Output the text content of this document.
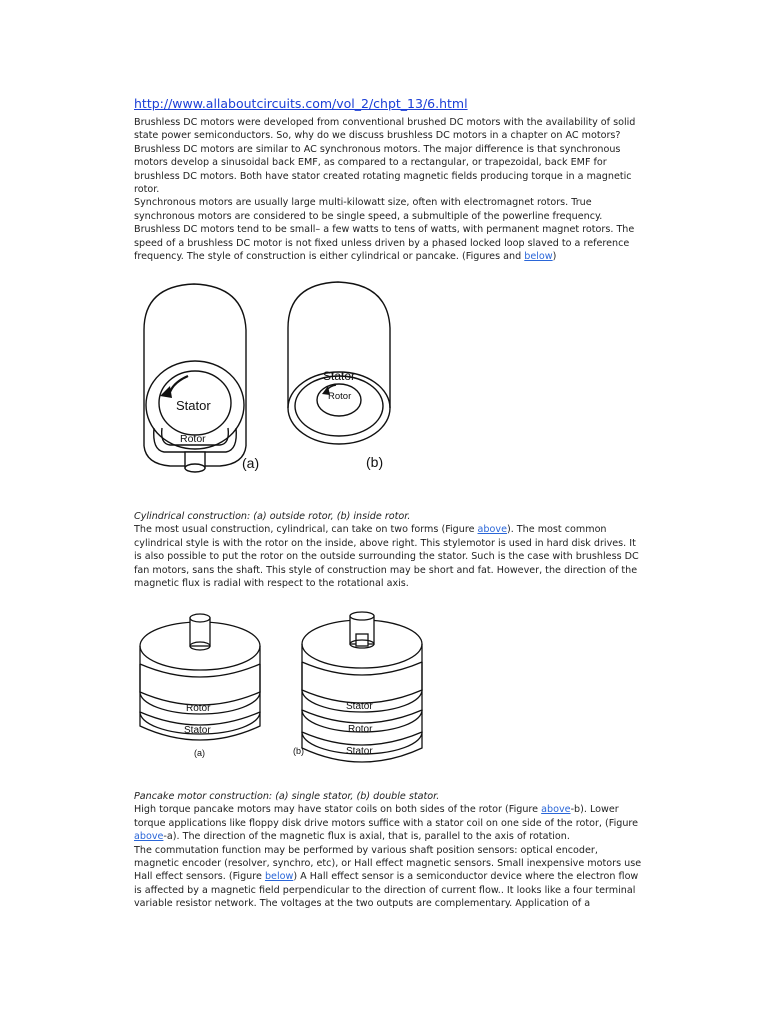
http://www.allaboutcircuits.com/vol_2/chpt_13/6.html

Brushless DC motors were developed from conventional brushed DC motors with the availability of solid state power semiconductors. So, why do we discuss brushless DC motors in a chapter on AC motors? Brushless DC motors are similar to AC synchronous motors. The major difference is that synchronous motors develop a sinusoidal back EMF, as compared to a rectangular, or trapezoidal, back EMF for brushless DC motors. Both have stator created rotating magnetic fields producing torque in a magnetic rotor.

Synchronous motors are usually large multi-kilowatt size, often with electromagnet rotors. True synchronous motors are considered to be single speed, a submultiple of the powerline frequency. Brushless DC motors tend to be small– a few watts to tens of watts, with permanent magnet rotors. The speed of a brushless DC motor is not fixed unless driven by a phased locked loop slaved to a reference frequency. The style of construction is either cylindrical or pancake. (Figures and below)

Stator
Rotor
(a)
Stator
Rotor
(b)

Cylindrical construction: (a) outside rotor, (b) inside rotor.

The most usual construction, cylindrical, can take on two forms (Figure above). The most common cylindrical style is with the rotor on the inside, above right. This stylemotor is used in hard disk drives. It is also possible to put the rotor on the outside surrounding the stator. Such is the case with brushless DC fan motors, sans the shaft. This style of construction may be short and fat. However, the direction of the magnetic flux is radial with respect to the rotational axis.

Rotor
Stator
(a)
Stator
Rotor
Stator
(b)

Pancake motor construction: (a) single stator, (b) double stator.

High torque pancake motors may have stator coils on both sides of the rotor (Figure above-b). Lower torque applications like floppy disk drive motors suffice with a stator coil on one side of the rotor, (Figure above-a). The direction of the magnetic flux is axial, that is, parallel to the axis of rotation.

The commutation function may be performed by various shaft position sensors: optical encoder, magnetic encoder (resolver, synchro, etc), or Hall effect magnetic sensors. Small inexpensive motors use Hall effect sensors. (Figure below) A Hall effect sensor is a semiconductor device where the electron flow is affected by a magnetic field perpendicular to the direction of current flow.. It looks like a four terminal variable resistor network. The voltages at the two outputs are complementary. Application of a
